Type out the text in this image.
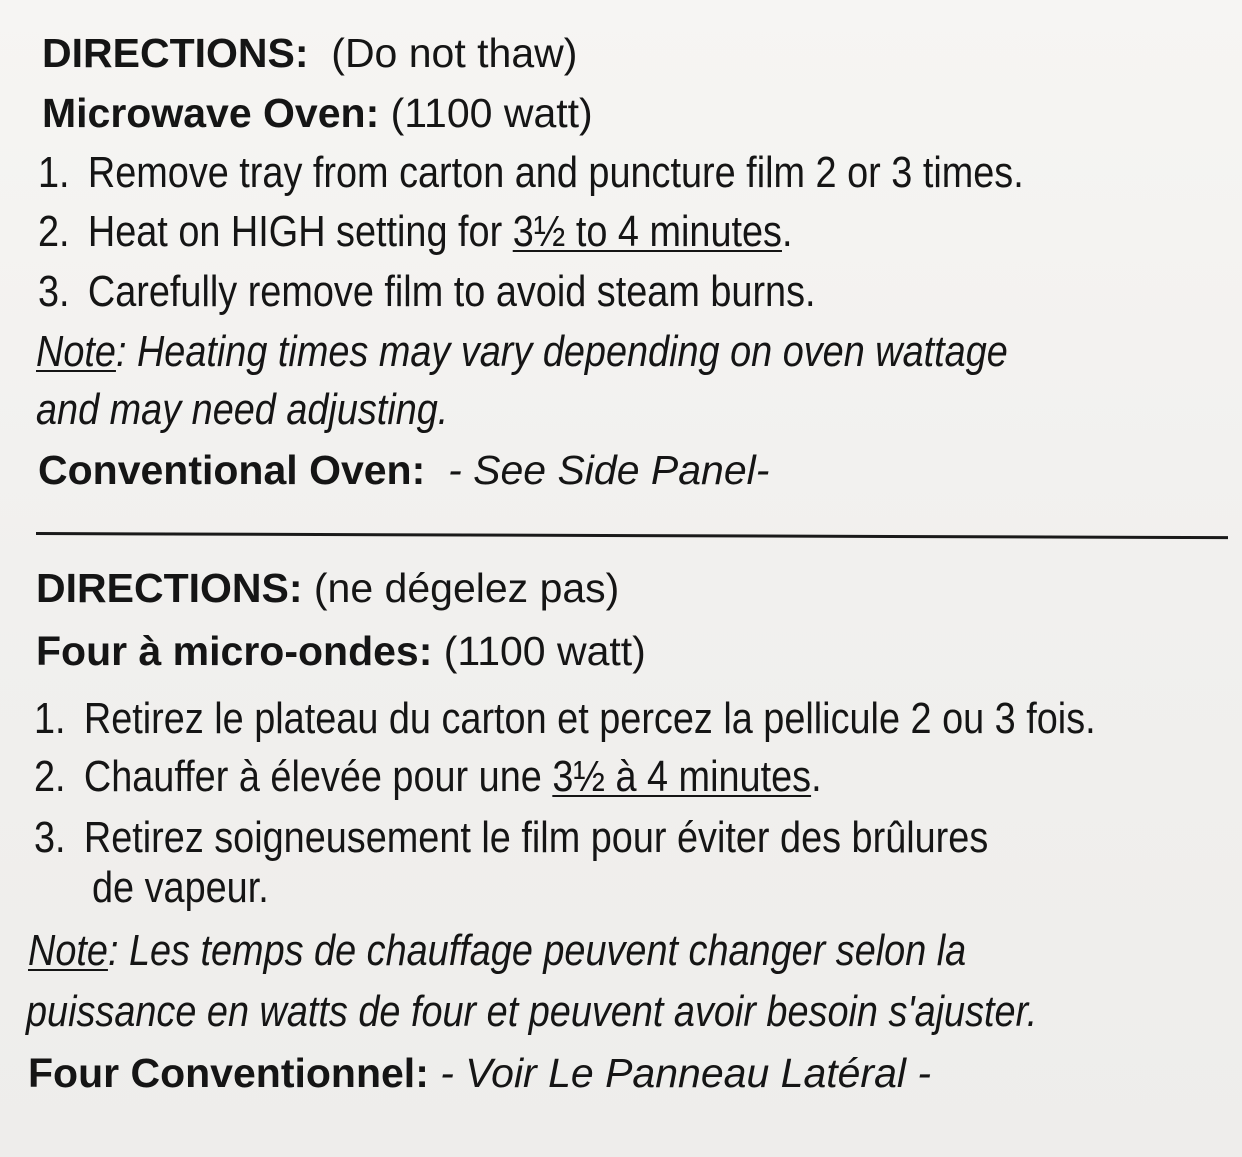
DIRECTIONS: (Do not thaw)
Microwave Oven: (1100 watt)
1. Remove tray from carton and puncture film 2 or 3 times.
2. Heat on HIGH setting for 3½ to 4 minutes.
3. Carefully remove film to avoid steam burns.
Note: Heating times may vary depending on oven wattage
and may need adjusting.
Conventional Oven: - See Side Panel-
DIRECTIONS: (ne dégelez pas)
Four à micro-ondes: (1100 watt)
1. Retirez le plateau du carton et percez la pellicule 2 ou 3 fois.
2. Chauffer à élevée pour une 3½ à 4 minutes.
3. Retirez soigneusement le film pour éviter des brûlures
de vapeur.
Note: Les temps de chauffage peuvent changer selon la
puissance en watts de four et peuvent avoir besoin s'ajuster.
Four Conventionnel: - Voir Le Panneau Latéral -
